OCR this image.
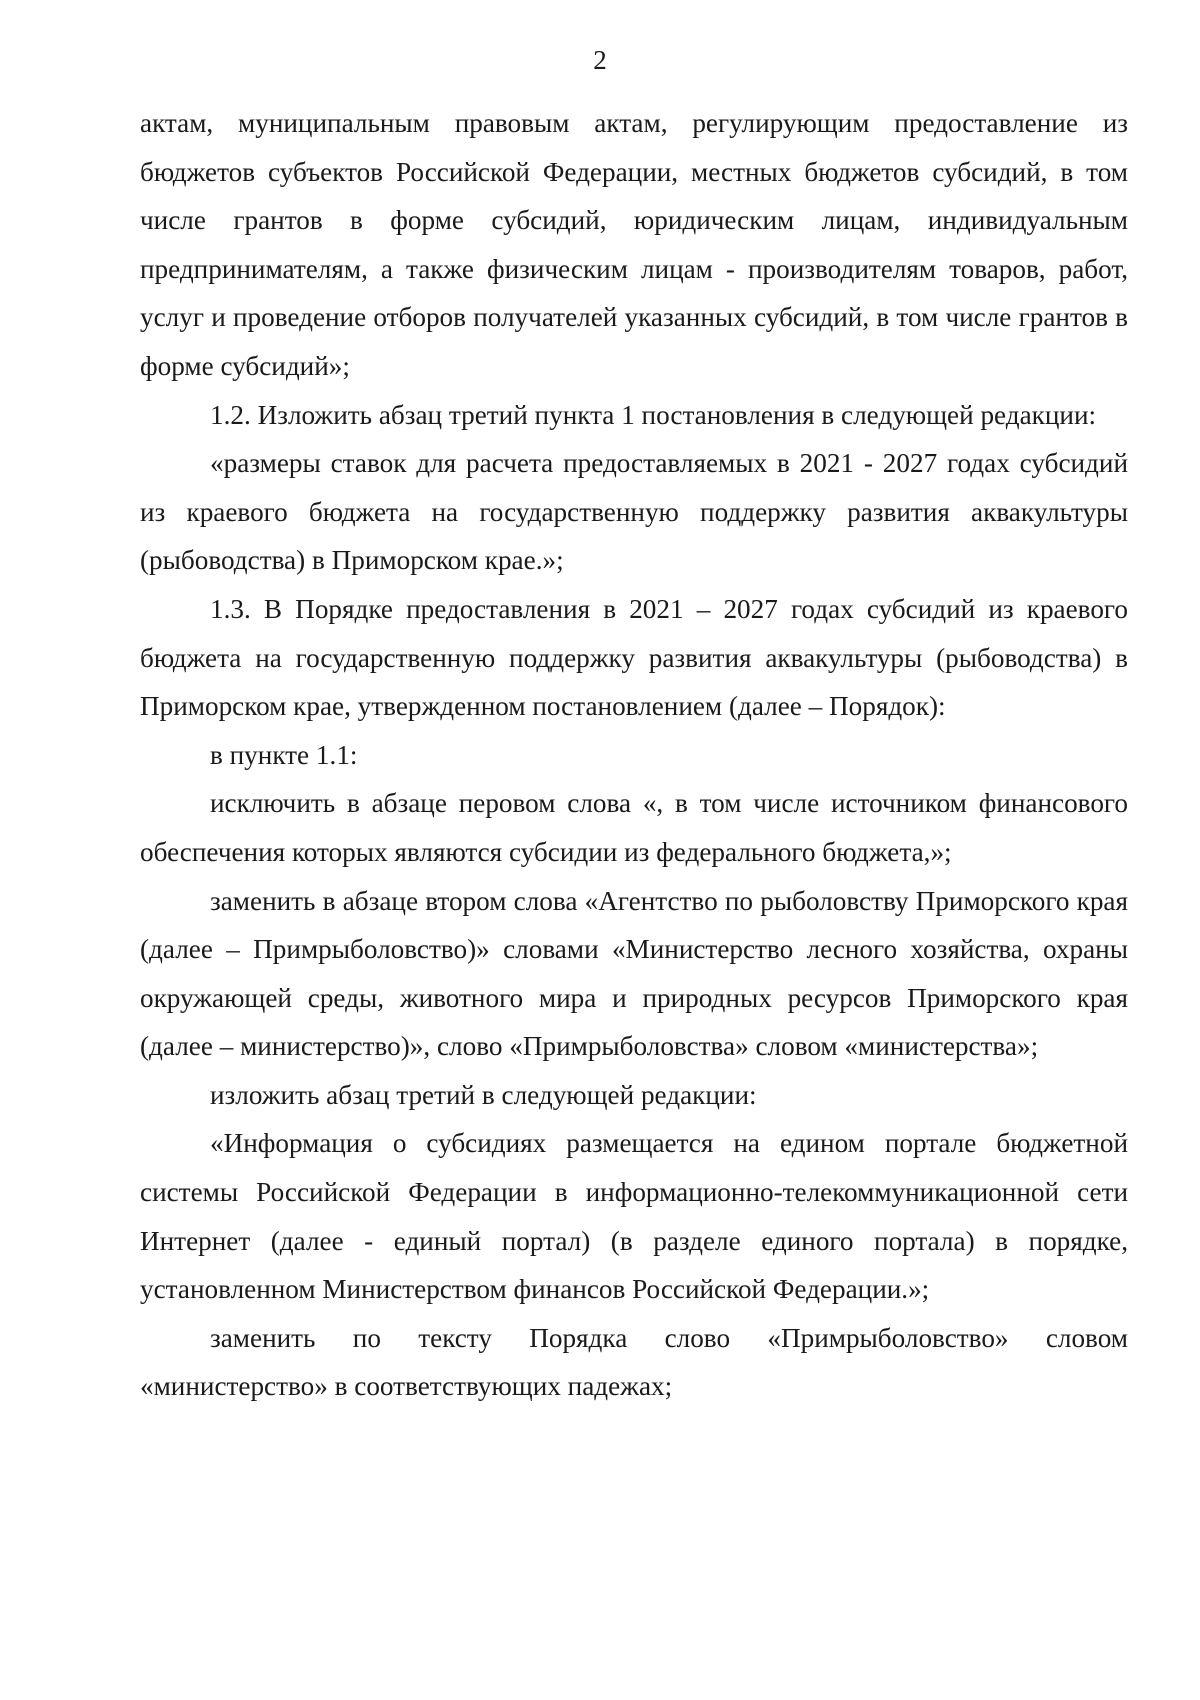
2

актам, муниципальным правовым актам, регулирующим предоставление из бюджетов субъектов Российской Федерации, местных бюджетов субсидий, в том числе грантов в форме субсидий, юридическим лицам, индивидуальным предпринимателям, а также физическим лицам - производителям товаров, работ, услуг и проведение отборов получателей указанных субсидий, в том числе грантов в форме субсидий»;

1.2. Изложить абзац третий пункта 1 постановления в следующей редакции:

«размеры ставок для расчета предоставляемых в 2021 - 2027 годах субсидий из краевого бюджета на государственную поддержку развития аквакультуры (рыбоводства) в Приморском крае.»;

1.3. В Порядке предоставления в 2021 – 2027 годах субсидий из краевого бюджета на государственную поддержку развития аквакультуры (рыбоводства) в Приморском крае, утвержденном постановлением (далее – Порядок):

в пункте 1.1:

исключить в абзаце перовом слова «, в том числе источником финансового обеспечения которых являются субсидии из федерального бюджета,»;

заменить в абзаце втором слова «Агентство по рыболовству Приморского края (далее – Примрыболовство)» словами «Министерство лесного хозяйства, охраны окружающей среды, животного мира и природных ресурсов Приморского края (далее – министерство)», слово «Примрыболовства» словом «министерства»;

изложить абзац третий в следующей редакции:

«Информация о субсидиях размещается на едином портале бюджетной системы Российской Федерации в информационно-телекоммуникационной сети Интернет (далее - единый портал) (в разделе единого портала) в порядке, установленном Министерством финансов Российской Федерации.»;

заменить по тексту Порядка слово «Примрыболовство» словом «министерство» в соответствующих падежах;
